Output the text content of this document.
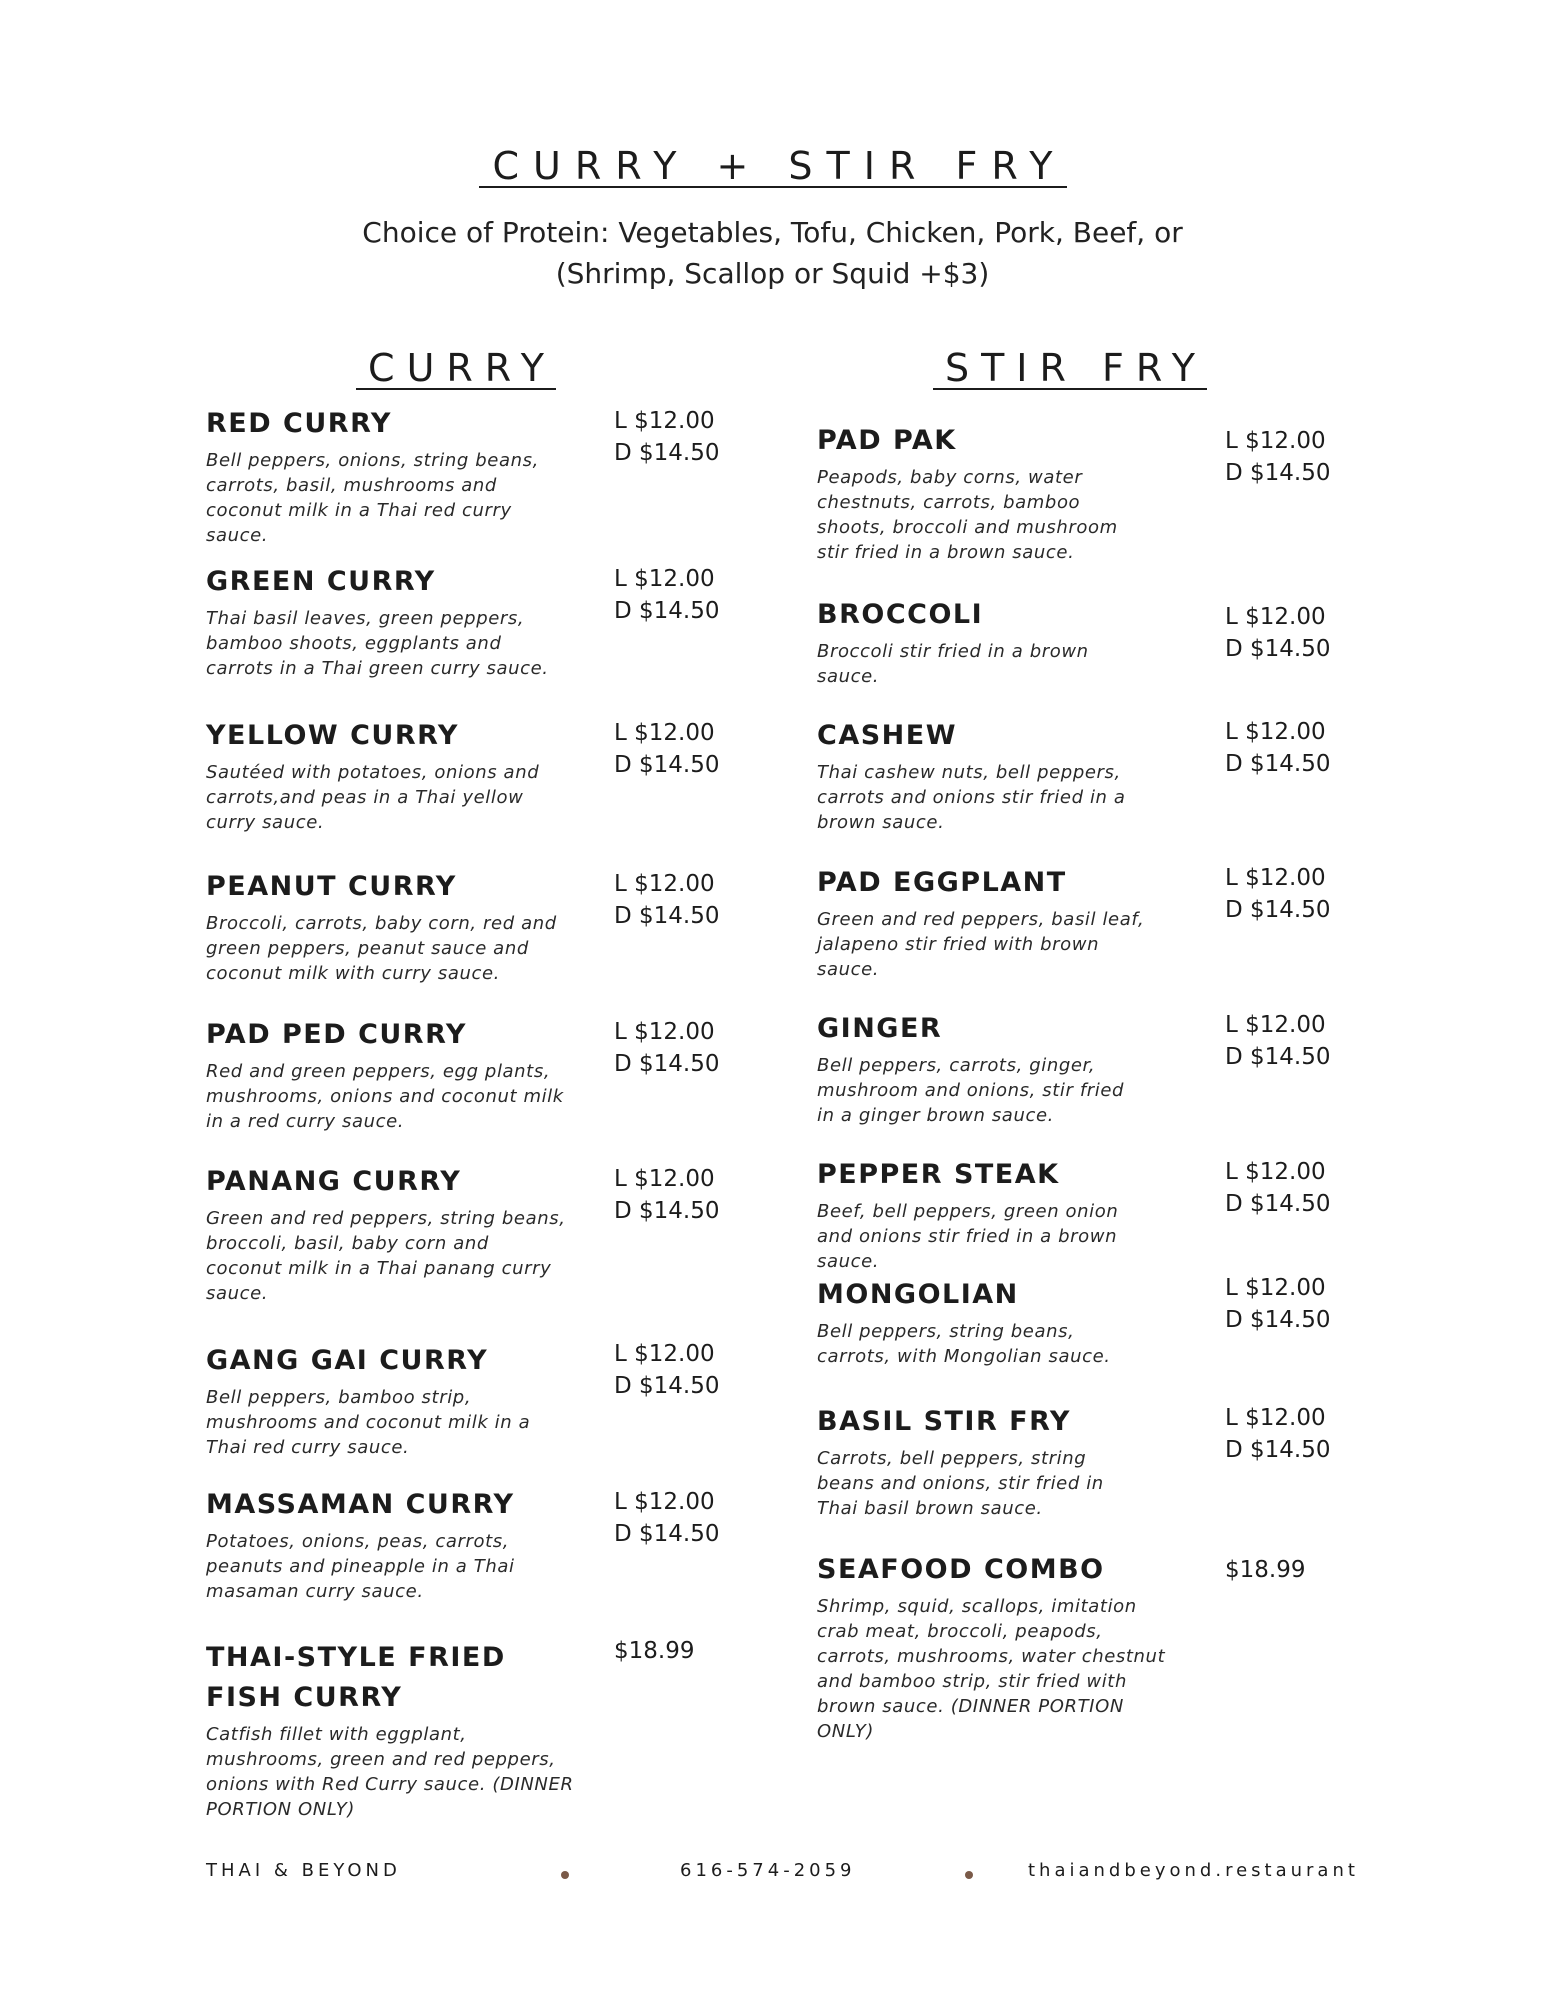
CURRY + STIR FRY
Choice of Protein: Vegetables, Tofu, Chicken, Pork, Beef, or
(Shrimp, Scallop or Squid +$3)
CURRY	STIR FRY
RED CURRY
Bell peppers, onions, string beans, carrots, basil, mushrooms and coconut milk in a Thai red curry sauce.
L $12.00
D $14.50
GREEN CURRY
Thai basil leaves, green peppers, bamboo shoots, eggplants and carrots in a Thai green curry sauce.
L $12.00
D $14.50
YELLOW CURRY
Sautéed with potatoes, onions and carrots,and peas in a Thai yellow curry sauce.
L $12.00
D $14.50
PEANUT CURRY
Broccoli, carrots, baby corn, red and green peppers, peanut sauce and coconut milk with curry sauce.
L $12.00
D $14.50
PAD PED CURRY
Red and green peppers, egg plants, mushrooms, onions and coconut milk in a red curry sauce.
L $12.00
D $14.50
PANANG CURRY
Green and red peppers, string beans, broccoli, basil, baby corn and coconut milk in a Thai panang curry sauce.
L $12.00
D $14.50
GANG GAI CURRY
Bell peppers, bamboo strip, mushrooms and coconut milk in a Thai red curry sauce.
L $12.00
D $14.50
MASSAMAN CURRY
Potatoes, onions, peas, carrots, peanuts and pineapple in a Thai masaman curry sauce.
L $12.00
D $14.50
THAI-STYLE FRIED FISH CURRY
Catfish fillet with eggplant, mushrooms, green and red peppers, onions with Red Curry sauce. (DINNER PORTION ONLY)
$18.99
PAD PAK
Peapods, baby corns, water chestnuts, carrots, bamboo shoots, broccoli and mushroom stir fried in a brown sauce.
L $12.00
D $14.50
BROCCOLI
Broccoli stir fried in a brown sauce.
L $12.00
D $14.50
CASHEW
Thai cashew nuts, bell peppers, carrots and onions stir fried in a brown sauce.
L $12.00
D $14.50
PAD EGGPLANT
Green and red peppers, basil leaf, jalapeno stir fried with brown sauce.
L $12.00
D $14.50
GINGER
Bell peppers, carrots, ginger, mushroom and onions, stir fried in a ginger brown sauce.
L $12.00
D $14.50
PEPPER STEAK
Beef, bell peppers, green onion and onions stir fried in a brown sauce.
L $12.00
D $14.50
MONGOLIAN
Bell peppers, string beans, carrots, with Mongolian sauce.
L $12.00
D $14.50
BASIL STIR FRY
Carrots, bell peppers, string beans and onions, stir fried in Thai basil brown sauce.
L $12.00
D $14.50
SEAFOOD COMBO
Shrimp, squid, scallops, imitation crab meat, broccoli, peapods, carrots, mushrooms, water chestnut and bamboo strip, stir fried with brown sauce. (DINNER PORTION ONLY)
$18.99
THAI & BEYOND	616-574-2059	thaiandbeyond.restaurant
